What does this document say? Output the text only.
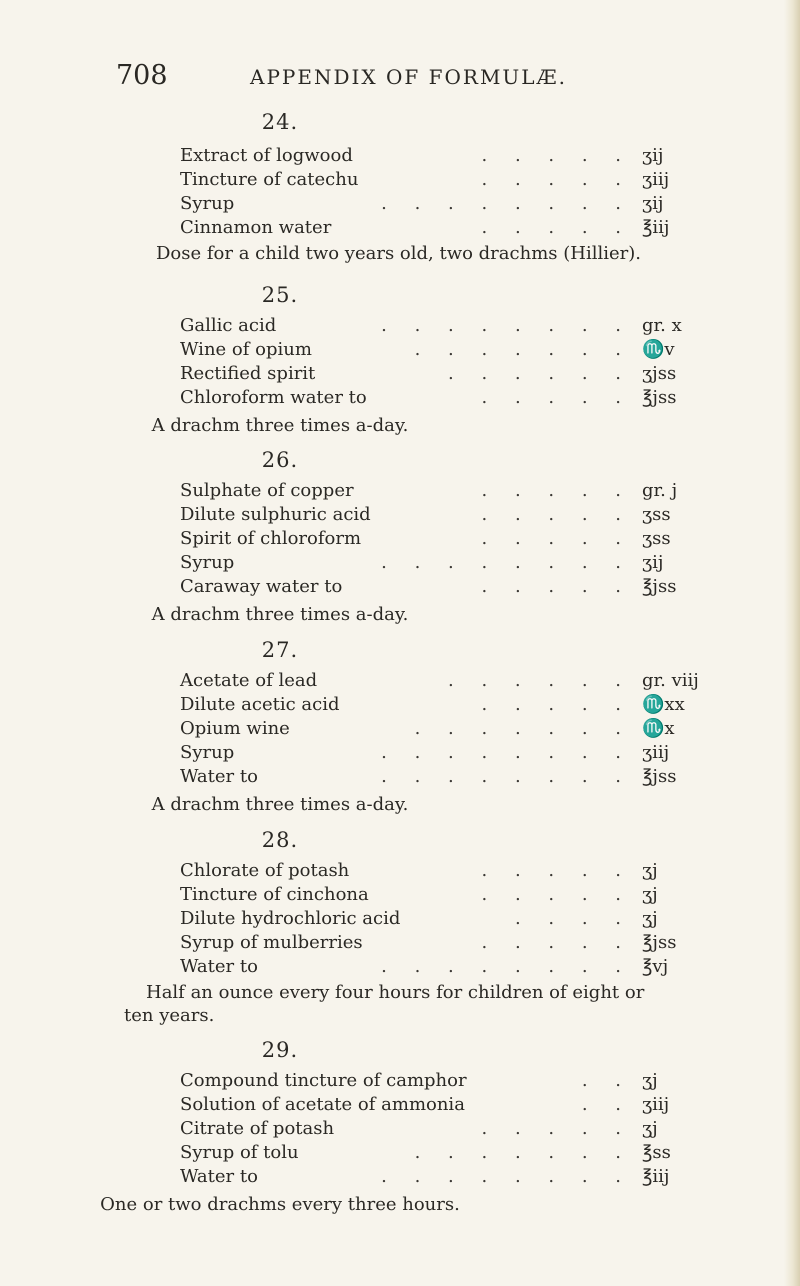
708	APPENDIX OF FORMULÆ.
24.
. . . . .
Extract of logwood	ʒij
. . . . .
Tincture of catechu	ʒiij
. . . . . . . .
Syrup	ʒij
. . . . .
Cinnamon water	℥iij
Dose for a child two years old, two drachms (Hillier).
25.
. . . . . . . .
Gallic acid	gr. x
. . . . . . .
Wine of opium	♏v
. . . . . .
Rectified spirit	ʒjss
. . . . .
Chloroform water to	℥jss
A drachm three times a-day.
26.
. . . . .
Sulphate of copper	gr. j
. . . . .
Dilute sulphuric acid	ʒss
. . . . .
Spirit of chloroform	ʒss
. . . . . . . .
Syrup	ʒij
. . . . .
Caraway water to	℥jss
A drachm three times a-day.
27.
. . . . . .
Acetate of lead	gr. viij
. . . . .
Dilute acetic acid	♏xx
. . . . . . .
Opium wine	♏x
. . . . . . . .
Syrup	ʒiij
. . . . . . . .
Water to	℥jss
A drachm three times a-day.
28.
. . . . .
Chlorate of potash	ʒj
. . . . .
Tincture of cinchona	ʒj
. . . .
Dilute hydrochloric acid	ʒj
. . . . .
Syrup of mulberries	℥jss
. . . . . . . .
Water to	℥vj
Half an ounce every four hours for children of eight or
ten years.
29.
. .
Compound tincture of camphor	ʒj
. .
Solution of acetate of ammonia	ʒiij
. . . . .
Citrate of potash	ʒj
. . . . . . .
Syrup of tolu	℥ss
. . . . . . . .
Water to	℥iij
One or two drachms every three hours.
